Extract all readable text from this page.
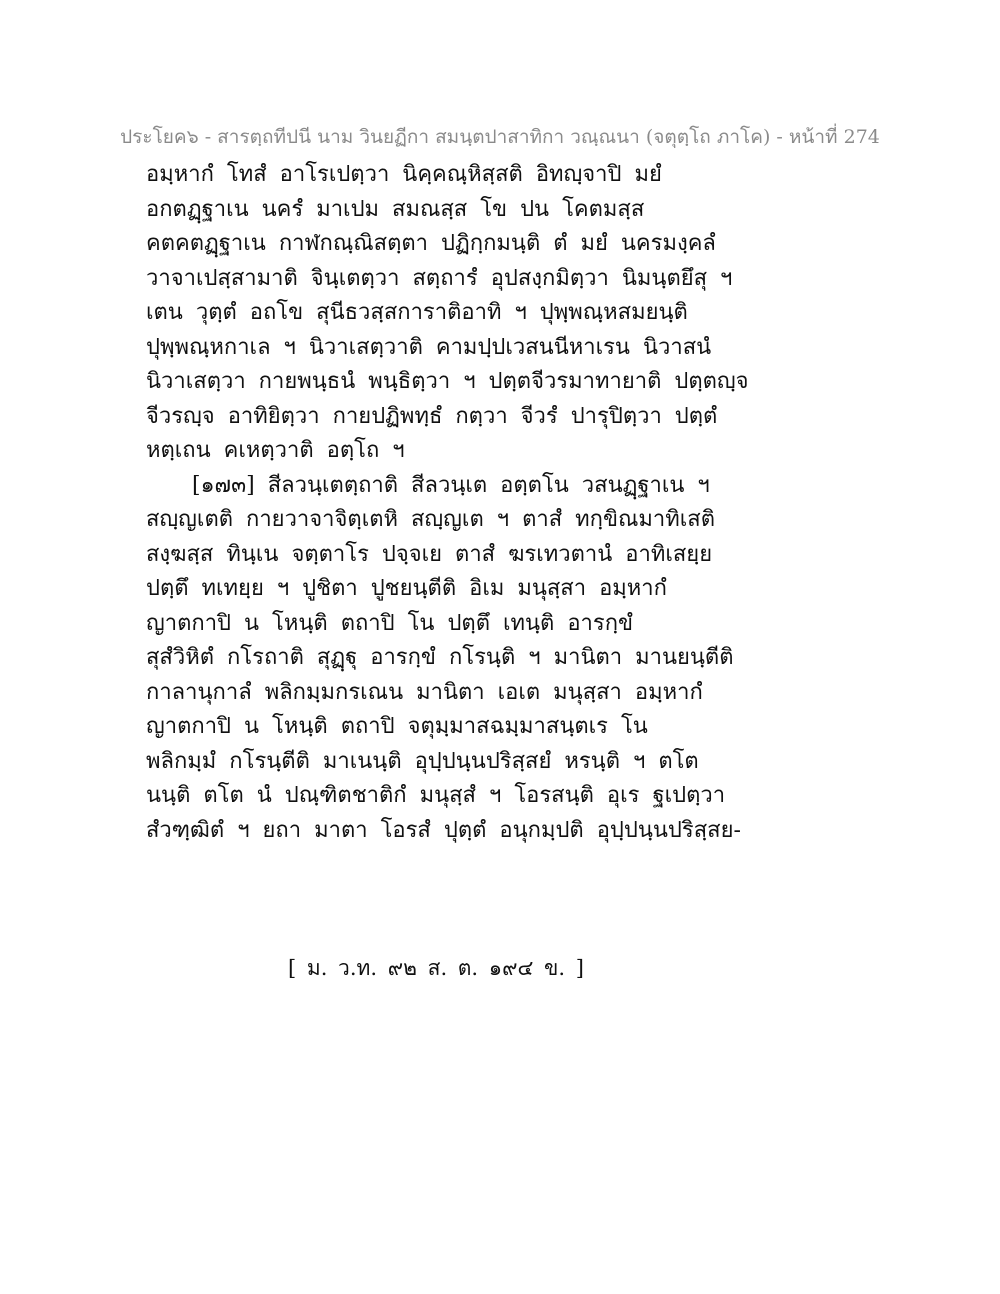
ประโยค๖ - สารตฺถทีปนี นาม วินยฏีกา สมนฺตปาสาทิกา วณฺณนา (จตุตฺโถ ภาโค) - หน้าที่ 274
อมฺหากํ โทสํ อาโรเปตฺวา นิคฺคณฺหิสฺสติ อิทญฺจาปิ มยํ
อกตฏฺฐาเน นครํ มาเปม สมณสฺส โข ปน โคตมสฺส
คตคตฏฺฐาเน กาฬกณฺณิสตฺตา ปฏิกฺกมนฺติ ตํ มยํ นครมงฺคลํ
วาจาเปสฺสามาติ จินฺเตตฺวา สตฺถารํ อุปสงฺกมิตฺวา นิมนฺตยึสุ ฯ
เตน วุตฺตํ อถโข สุนีธวสฺสการาติอาทิ ฯ ปุพฺพณฺหสมยนฺติ
ปุพฺพณฺหกาเล ฯ นิวาเสตฺวาติ คามปฺปเวสนนีหาเรน นิวาสนํ
นิวาเสตฺวา กายพนฺธนํ พนฺธิตฺวา ฯ ปตฺตจีวรมาทายาติ ปตฺตญฺจ
จีวรญฺจ อาทิยิตฺวา กายปฏิพทฺธํ กตฺวา จีวรํ ปารุปิตฺวา ปตฺตํ
หตฺเถน คเหตฺวาติ อตฺโถ ฯ
[๑๗๓] สีลวนฺเตตฺถาติ สีลวนฺเต อตฺตโน วสนฏฺฐาเน ฯ
สญฺญเตติ กายวาจาจิตฺเตหิ สญฺญเต ฯ ตาสํ ทกฺขิณมาทิเสติ
สงฺฆสฺส ทินฺเน จตฺตาโร ปจฺจเย ตาสํ ฆรเทวตานํ อาทิเสยฺย
ปตฺตึ ทเทยฺย ฯ ปูชิตา ปูชยนฺตีติ อิเม มนุสฺสา อมฺหากํ
ญาตกาปิ น โหนฺติ ตถาปิ โน ปตฺตึ เทนฺติ อารกฺขํ
สุสํวิหิตํ กโรถาติ สุฏฺฐุ อารกฺขํ กโรนฺติ ฯ มานิตา มานยนฺตีติ
กาลานุกาลํ พลิกมฺมกรเณน มานิตา เอเต มนุสฺสา อมฺหากํ
ญาตกาปิ น โหนฺติ ตถาปิ จตุมฺมาสฉมฺมาสนฺตเร โน
พลิกมฺมํ กโรนฺตีติ มาเนนฺติ อุปฺปนฺนปริสฺสยํ หรนฺติ ฯ ตโต
นนฺติ ตโต นํ ปณฺฑิตชาติกํ มนุสฺสํ ฯ โอรสนฺติ อุเร ฐเปตฺวา
สํวฑฺฒิตํ ฯ ยถา มาตา โอรสํ ปุตฺตํ อนุกมฺปติ อุปฺปนฺนปริสฺสย-
[ ม. ว.ท. ๙๒ ส. ต. ๑๙๔ ข. ]
